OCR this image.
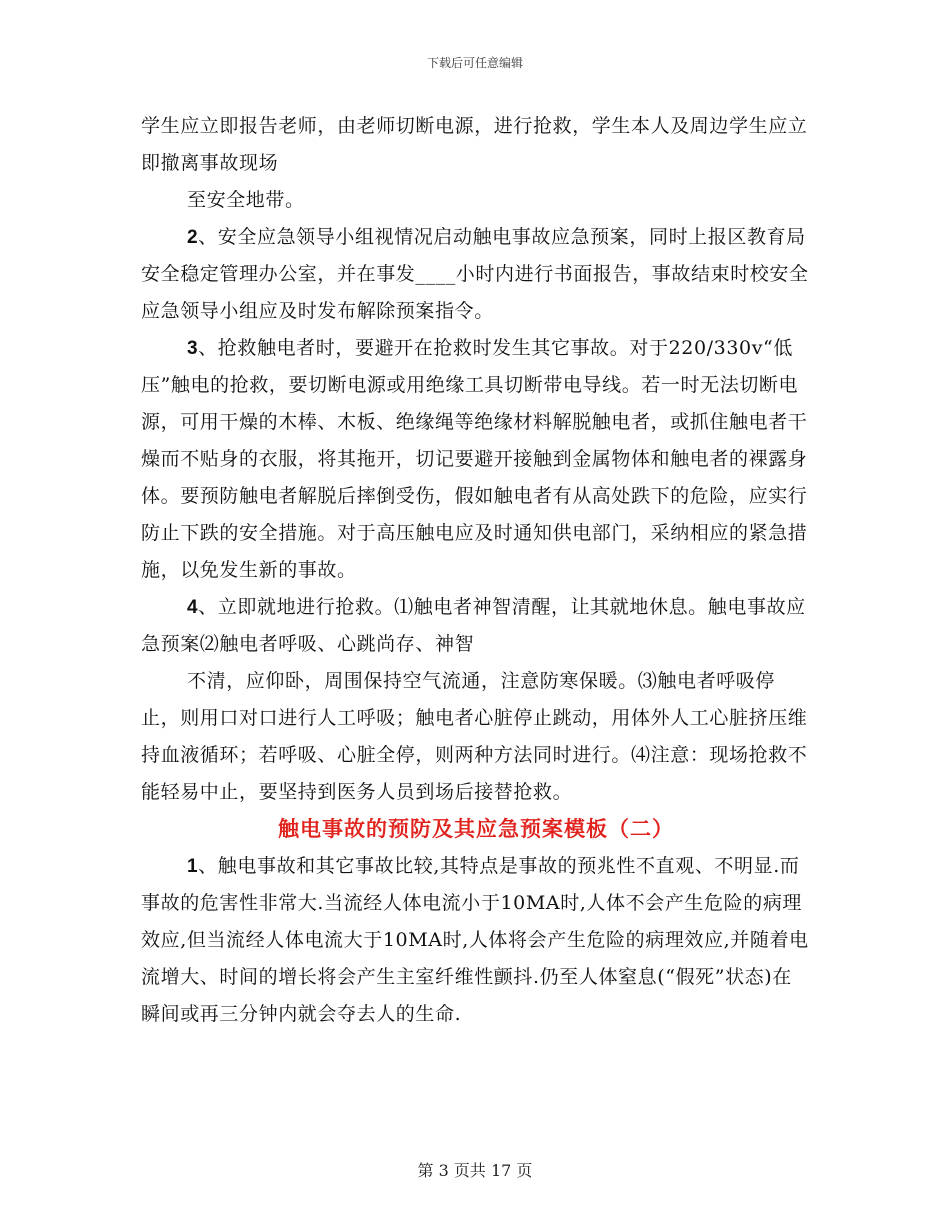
下载后可任意编辑

学生应立即报告老师，由老师切断电源，进行抢救，学生本人及周边学生应立即撤离事故现场

至安全地带。

2、安全应急领导小组视情况启动触电事故应急预案，同时上报区教育局安全稳定管理办公室，并在事发____小时内进行书面报告，事故结束时校安全应急领导小组应及时发布解除预案指令。

3、抢救触电者时，要避开在抢救时发生其它事故。对于220/330v“低压”触电的抢救，要切断电源或用绝缘工具切断带电导线。若一时无法切断电源，可用干燥的木棒、木板、绝缘绳等绝缘材料解脱触电者，或抓住触电者干燥而不贴身的衣服，将其拖开，切记要避开接触到金属物体和触电者的裸露身体。要预防触电者解脱后摔倒受伤，假如触电者有从高处跌下的危险，应实行防止下跌的安全措施。对于高压触电应及时通知供电部门，采纳相应的紧急措施，以免发生新的事故。

4、立即就地进行抢救。⑴触电者神智清醒，让其就地休息。触电事故应急预案⑵触电者呼吸、心跳尚存、神智

不清，应仰卧，周围保持空气流通，注意防寒保暖。⑶触电者呼吸停止，则用口对口进行人工呼吸；触电者心脏停止跳动，用体外人工心脏挤压维持血液循环；若呼吸、心脏全停，则两种方法同时进行。⑷注意：现场抢救不能轻易中止，要坚持到医务人员到场后接替抢救。

触电事故的预防及其应急预案模板（二）

1、触电事故和其它事故比较,其特点是事故的预兆性不直观、不明显.而事故的危害性非常大.当流经人体电流小于10MA时,人体不会产生危险的病理效应,但当流经人体电流大于10MA时,人体将会产生危险的病理效应,并随着电流增大、时间的增长将会产生主室纤维性颤抖.仍至人体窒息(“假死”状态)在瞬间或再三分钟内就会夺去人的生命.

第 3 页共 17 页
